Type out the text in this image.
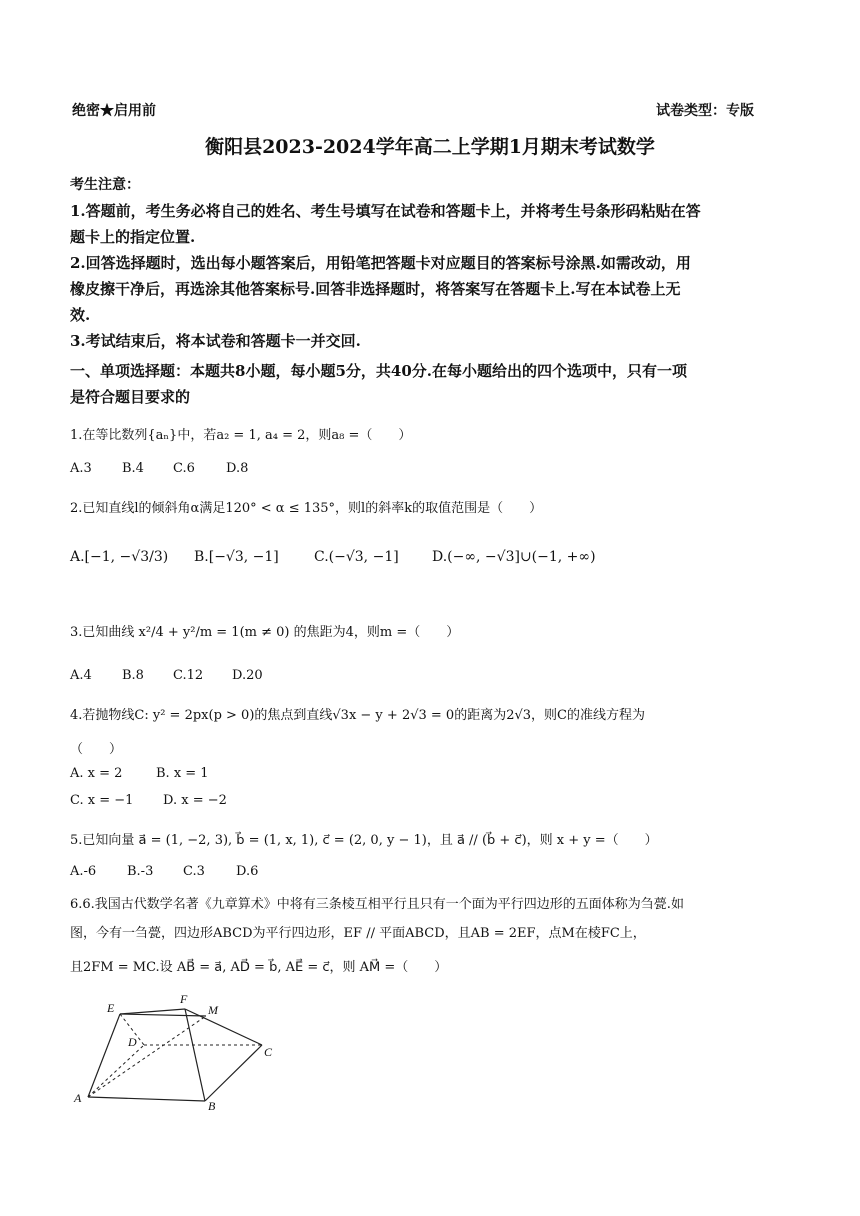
绝密★启用前	试卷类型：专版
衡阳县2023-2024学年高二上学期1月期末考试数学
考生注意：
1.答题前，考生务必将自己的姓名、考生号填写在试卷和答题卡上，并将考生号条形码粘贴在答
题卡上的指定位置.
2.回答选择题时，选出每小题答案后，用铅笔把答题卡对应题目的答案标号涂黑.如需改动，用
橡皮擦干净后，再选涂其他答案标号.回答非选择题时，将答案写在答题卡上.写在本试卷上无
效.
3.考试结束后，将本试卷和答题卡一并交回.
一、单项选择题：本题共8小题，每小题5分，共40分.在每小题给出的四个选项中，只有一项
是符合题目要求的
1.在等比数列{aₙ}中，若a₂ = 1, a₄ = 2，则a₈ =（　　）
A.3 B.4 C.6 D.8
2.已知直线l的倾斜角α满足120° < α ≤ 135°，则l的斜率k的取值范围是（　　）
A.[−1, −√3/3) B.[−√3, −1]	C.(−√3, −1] D.(−∞, −√3]∪(−1, +∞)
3.已知曲线 x²/4 + y²/m = 1(m ≠ 0) 的焦距为4，则m =（　　）
A.4 B.8 C.12 D.20
4.若抛物线C: y² = 2px(p > 0)的焦点到直线√3x − y + 2√3 = 0的距离为2√3，则C的准线方程为
（　　）
A. x = 2	B. x = 1
C. x = −1 D. x = −2
5.已知向量 a⃗ = (1, −2, 3), b⃗ = (1, x, 1), c⃗ = (2, 0, y − 1)，且 a⃗ // (b⃗ + c⃗)，则 x + y =（　　）
A.-6 B.-3 C.3 D.6
6.6.我国古代数学名著《九章算术》中将有三条棱互相平行且只有一个面为平行四边形的五面体称为刍甍.如
图，今有一刍甍，四边形ABCD为平行四边形，EF // 平面ABCD，且AB = 2EF，点M在棱FC上，
且2FM = MC.设 AB⃗ = a⃗, AD⃗ = b⃗, AE⃗ = c⃗，则 AM⃗ =（　　）
E
F
M
D
C
A
B
